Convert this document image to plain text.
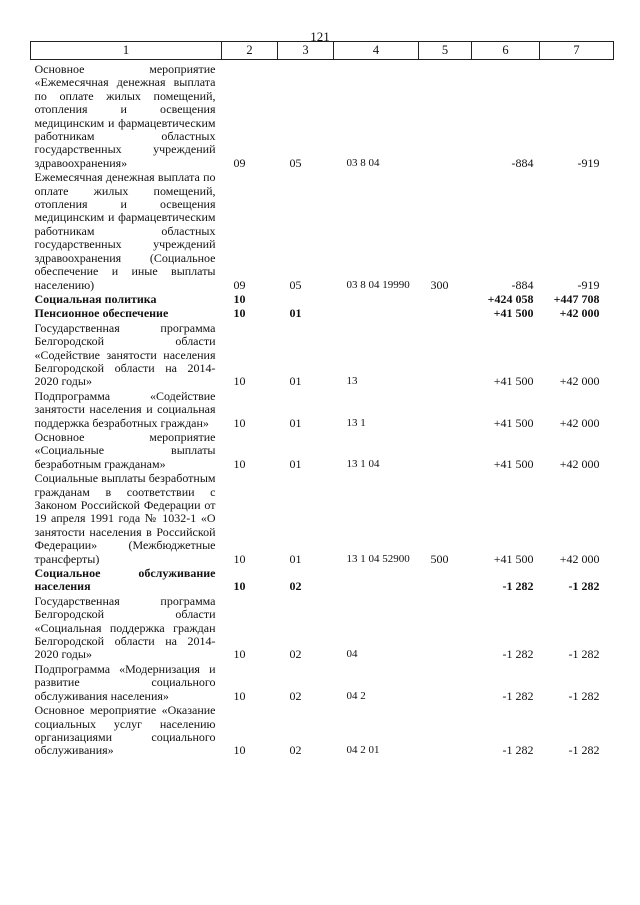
121
1	2	3	4	5	6	7
Основное мероприятие «Ежемесячная денежная выплата по оплате жилых помещений, отопления и освещения медицинским и фармацевтическим работникам областных государственных учреждений здравоохранения»	09	05	03 8 04		-884	-919
Ежемесячная денежная выплата по оплате жилых помещений, отопления и освещения медицинским и фармацевтическим работникам областных государственных учреждений здравоохранения (Социальное обеспечение и иные выплаты населению)	09	05	03 8 04 19990	300	-884	-919
Социальная политика	10				+424 058	+447 708
Пенсионное обеспечение	10	01			+41 500	+42 000
Государственная программа Белгородской области «Содействие занятости населения Белгородской области на 2014-2020 годы»	10	01	13		+41 500	+42 000
Подпрограмма «Содействие занятости населения и социальная поддержка безработных граждан»	10	01	13 1		+41 500	+42 000
Основное мероприятие «Социальные выплаты безработным гражданам»	10	01	13 1 04		+41 500	+42 000
Социальные выплаты безработным гражданам в соответствии с Законом Российской Федерации от 19 апреля 1991 года № 1032-1 «О занятости населения в Российской Федерации» (Межбюджетные трансферты)	10	01	13 1 04 52900	500	+41 500	+42 000
Социальное обслуживание населения	10	02			-1 282	-1 282
Государственная программа Белгородской области «Социальная поддержка граждан Белгородской области на 2014-2020 годы»	10	02	04		-1 282	-1 282
Подпрограмма «Модернизация и развитие социального обслуживания населения»	10	02	04 2		-1 282	-1 282
Основное мероприятие «Оказание социальных услуг населению организациями социального обслуживания»	10	02	04 2 01		-1 282	-1 282
